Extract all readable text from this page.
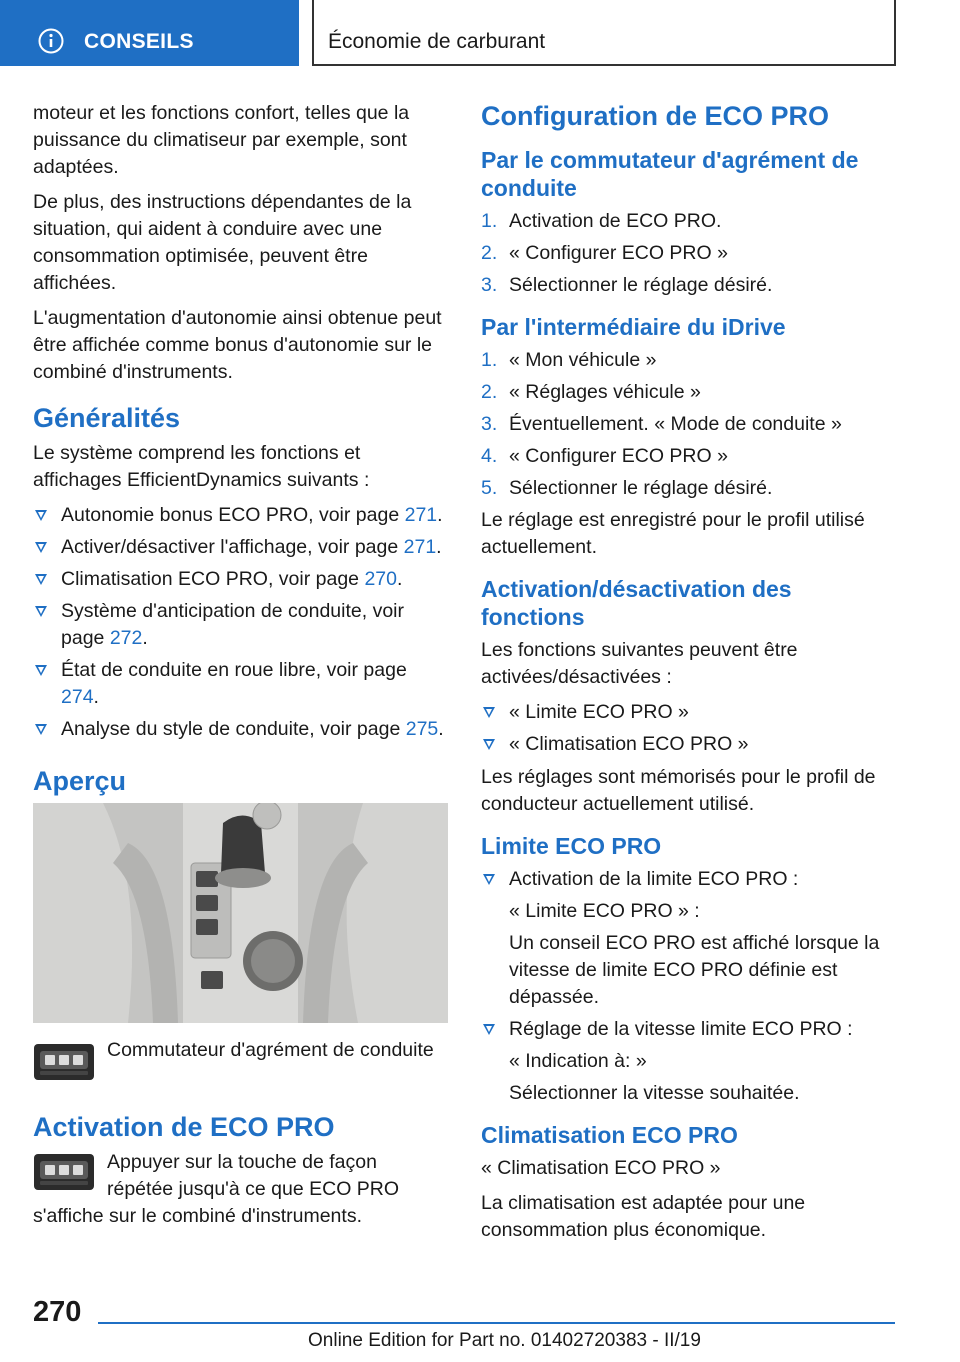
CONSEILS	Économie de carburant

moteur et les fonctions confort, telles que la puissance du climatiseur par exemple, sont adaptées.

De plus, des instructions dépendantes de la situation, qui aident à conduire avec une consommation optimisée, peuvent être affichées.

L'augmentation d'autonomie ainsi obtenue peut être affichée comme bonus d'autonomie sur le combiné d'instruments.

Généralités

Le système comprend les fonctions et affichages EfficientDynamics suivants :

Autonomie bonus ECO PRO, voir page 271.
Activer/désactiver l'affichage, voir page 271.
Climatisation ECO PRO, voir page 270.
Système d'anticipation de conduite, voir page 272.
État de conduite en roue libre, voir page 274.
Analyse du style de conduite, voir page 275.
Aperçu
Commutateur d'agrément de conduite
Activation de ECO PRO

Appuyer sur la touche de façon répétée jusqu'à ce que ECO PRO s'affiche sur le combiné d'instruments.

Configuration de ECO PRO
Par le commutateur d'agrément de conduite
1. Activation de ECO PRO.
2. « Configurer ECO PRO »
3. Sélectionner le réglage désiré.
Par l'intermédiaire du iDrive
1. « Mon véhicule »
2. « Réglages véhicule »
3. Éventuellement. « Mode de conduite »
4. « Configurer ECO PRO »
5. Sélectionner le réglage désiré.

Le réglage est enregistré pour le profil utilisé actuellement.

Activation/désactivation des fonctions

Les fonctions suivantes peuvent être activées/désactivées :

« Limite ECO PRO »
« Climatisation ECO PRO »

Les réglages sont mémorisés pour le profil de conducteur actuellement utilisé.

Limite ECO PRO
Activation de la limite ECO PRO :
« Limite ECO PRO » :
Un conseil ECO PRO est affiché lorsque la vitesse de limite ECO PRO définie est dépassée.
Réglage de la vitesse limite ECO PRO :
« Indication à: »
Sélectionner la vitesse souhaitée.
Climatisation ECO PRO

« Climatisation ECO PRO »

La climatisation est adaptée pour une consommation plus économique.

270
Online Edition for Part no. 01402720383 - II/19
